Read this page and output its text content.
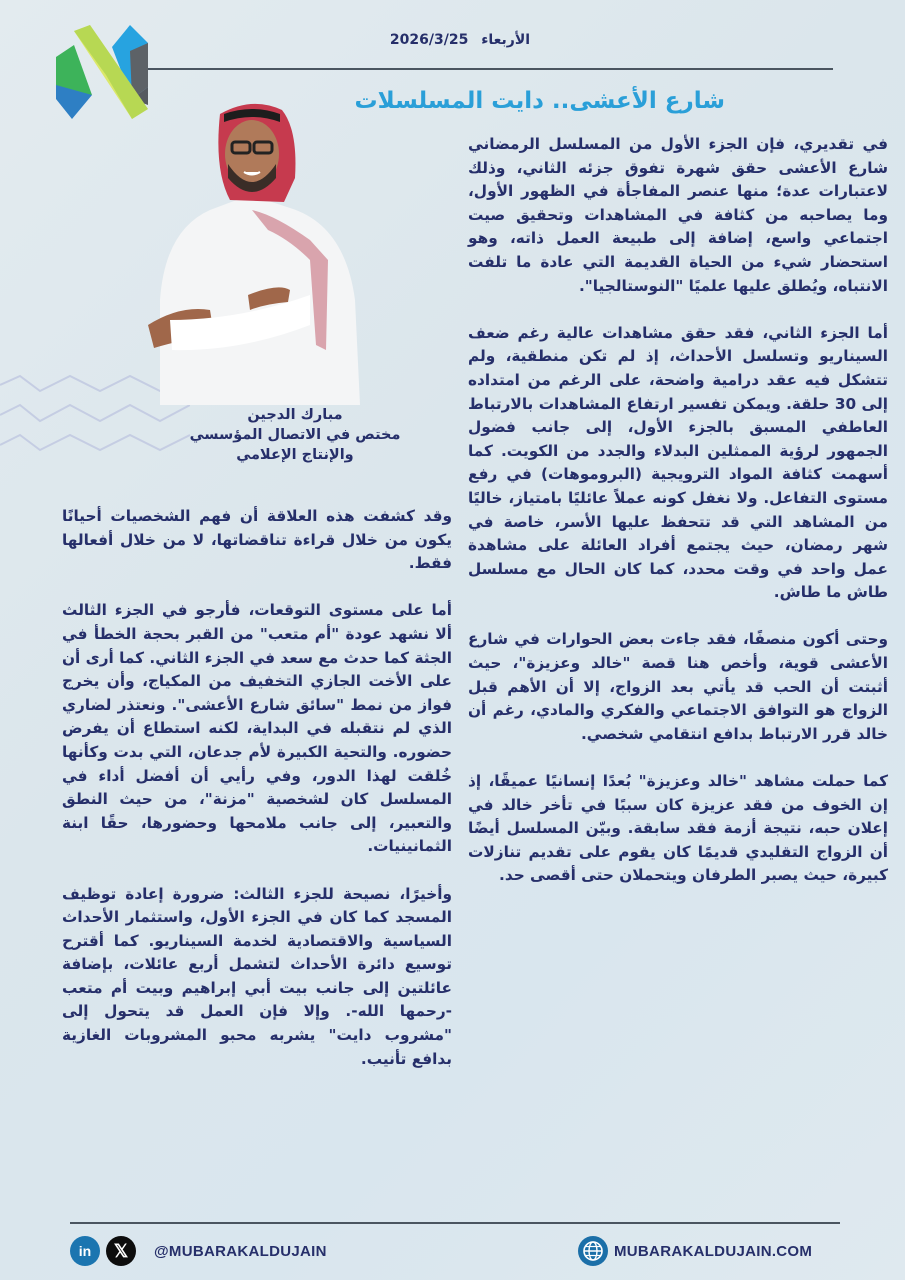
الأربعاء 2026/3/25
شارع الأعشى.. دايت المسلسلات
مبارك الدجين
مختص في الاتصال المؤسسي
والإنتاج الإعلامي

في تقديري، فإن الجزء الأول من المسلسل الرمضاني شارع الأعشى حقق شهرة تفوق جزئه الثاني، وذلك لاعتبارات عدة؛ منها عنصر المفاجأة في الظهور الأول، وما يصاحبه من كثافة في المشاهدات وتحقيق صيت اجتماعي واسع، إضافة إلى طبيعة العمل ذاته، وهو استحضار شيء من الحياة القديمة التي عادة ما تلفت الانتباه، ويُطلق عليها علميًا "النوستالجيا".

أما الجزء الثاني، فقد حقق مشاهدات عالية رغم ضعف السيناريو وتسلسل الأحداث، إذ لم تكن منطقية، ولم تتشكل فيه عقد درامية واضحة، على الرغم من امتداده إلى 30 حلقة. ويمكن تفسير ارتفاع المشاهدات بالارتباط العاطفي المسبق بالجزء الأول، إلى جانب فضول الجمهور لرؤية الممثلين البدلاء والجدد من الكويت. كما أسهمت كثافة المواد الترويجية (البروموهات) في رفع مستوى التفاعل. ولا نغفل كونه عملاً عائليًا بامتياز، خاليًا من المشاهد التي قد تتحفظ عليها الأسر، خاصة في شهر رمضان، حيث يجتمع أفراد العائلة على مشاهدة عمل واحد في وقت محدد، كما كان الحال مع مسلسل طاش ما طاش.

وحتى أكون منصفًا، فقد جاءت بعض الحوارات في شارع الأعشى قوية، وأخص هنا قصة "خالد وعزيزة"، حيث أثبتت أن الحب قد يأتي بعد الزواج، إلا أن الأهم قبل الزواج هو التوافق الاجتماعي والفكري والمادي، رغم أن خالد قرر الارتباط بدافع انتقامي شخصي.

كما حملت مشاهد "خالد وعزيزة" بُعدًا إنسانيًا عميقًا، إذ إن الخوف من فقد عزيزة كان سببًا في تأخر خالد في إعلان حبه، نتيجة أزمة فقد سابقة. وبيّن المسلسل أيضًا أن الزواج التقليدي قديمًا كان يقوم على تقديم تنازلات كبيرة، حيث يصبر الطرفان ويتحملان حتى أقصى حد.

وقد كشفت هذه العلاقة أن فهم الشخصيات أحيانًا يكون من خلال قراءة تناقضاتها، لا من خلال أفعالها فقط.

أما على مستوى التوقعات، فأرجو في الجزء الثالث ألا نشهد عودة "أم متعب" من القبر بحجة الخطأ في الجثة كما حدث مع سعد في الجزء الثاني. كما أرى أن على الأخت الجازي التخفيف من المكياج، وأن يخرج فواز من نمط "سائق شارع الأعشى". ونعتذر لضاري الذي لم نتقبله في البداية، لكنه استطاع أن يفرض حضوره. والتحية الكبيرة لأم جدعان، التي بدت وكأنها خُلقت لهذا الدور، وفي رأيي أن أفضل أداء في المسلسل كان لشخصية "مزنة"، من حيث النطق والتعبير، إلى جانب ملامحها وحضورها، حقًا ابنة الثمانينيات.

وأخيرًا، نصيحة للجزء الثالث: ضرورة إعادة توظيف المسجد كما كان في الجزء الأول، واستثمار الأحداث السياسية والاقتصادية لخدمة السيناريو. كما أقترح توسيع دائرة الأحداث لتشمل أربع عائلات، بإضافة عائلتين إلى جانب بيت أبي إبراهيم وبيت أم متعب -رحمها الله-. وإلا فإن العمل قد يتحول إلى "مشروب دايت" يشربه محبو المشروبات الغازية بدافع تأنيب.

in 𝕏 @MUBARAKALDUJAIN	MUBARAKALDUJAIN.COM
